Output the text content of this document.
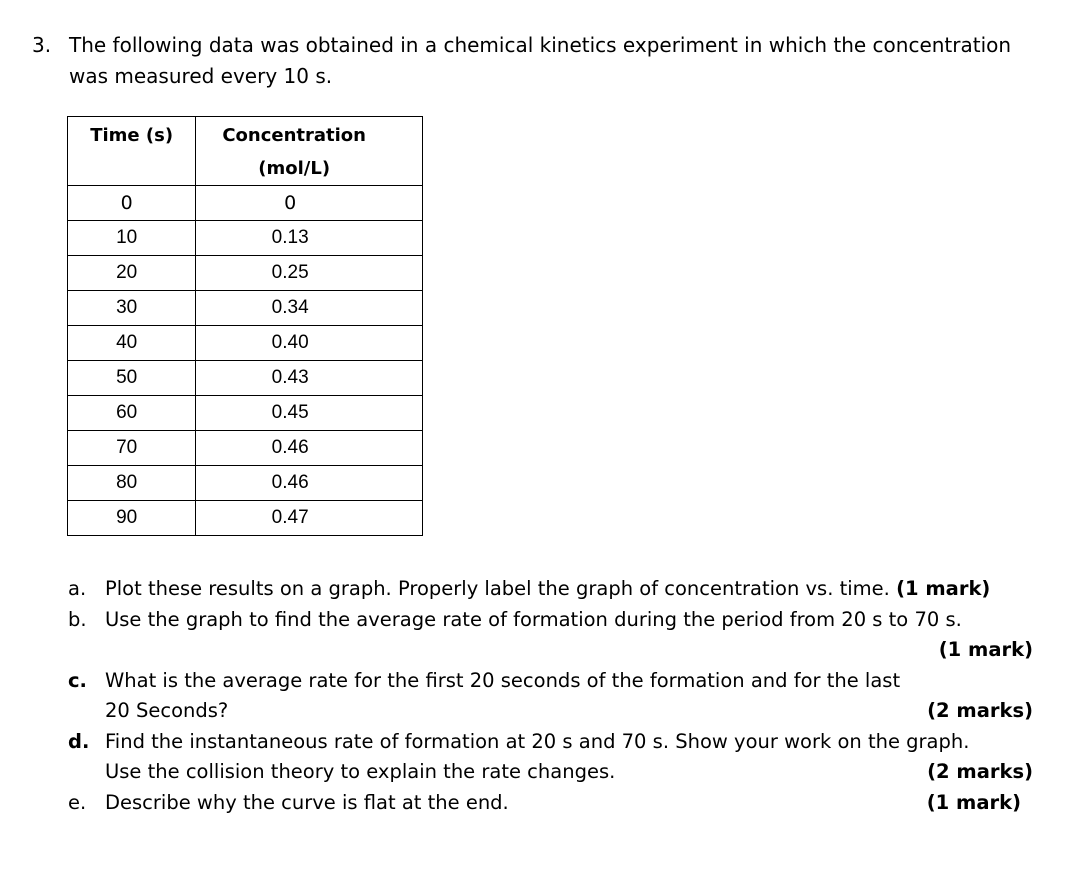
3. The following data was obtained in a chemical kinetics experiment in which the concentration was measured every 10 s.
Time (s)	Concentration (mol/L)

0	0
10	0.13
20	0.25
30	0.34
40	0.40
50	0.43
60	0.45
70	0.46
80	0.46
90	0.47
a. Plot these results on a graph. Properly label the graph of concentration vs. time. (1 mark)
b. Use the graph to find the average rate of formation during the period from 20 s to 70 s.
(1 mark)
c.
(2 marks)
What is the average rate for the first 20 seconds of the formation and for the last 20 Seconds?
d. Find the instantaneous rate of formation at 20 s and 70 s. Show your work on the graph.
(2 marks)
Use the collision theory to explain the rate changes.
e.	(1 mark)
Describe why the curve is flat at the end.
